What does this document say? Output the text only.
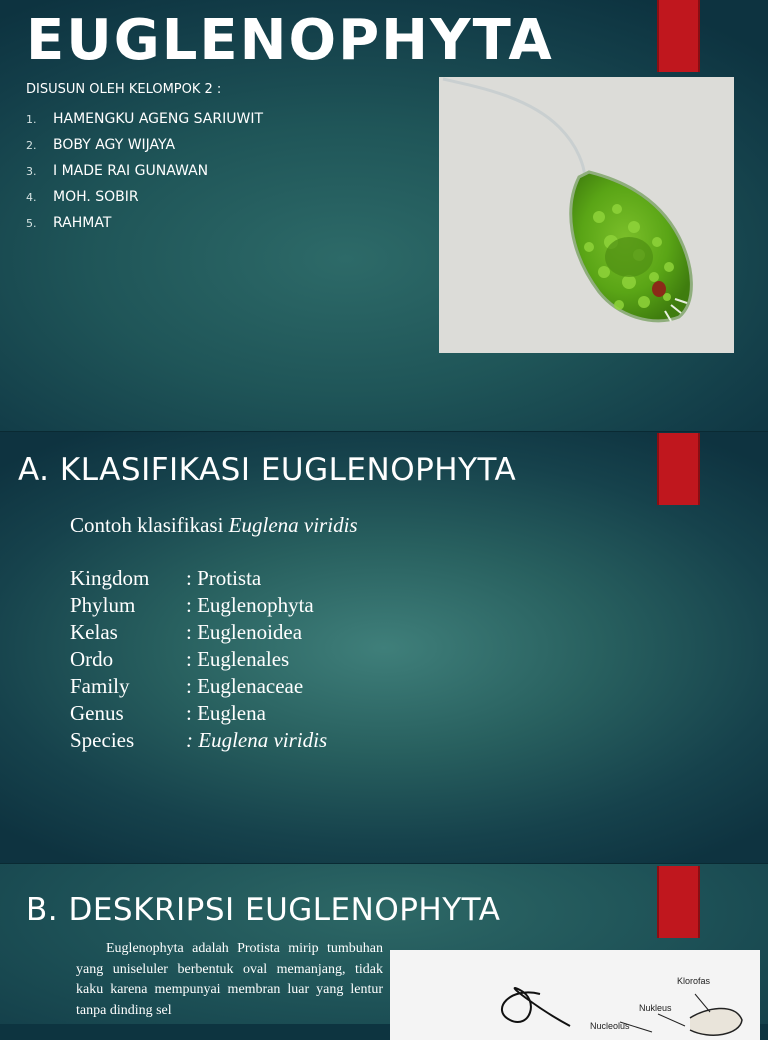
EUGLENOPHYTA
DISUSUN OLEH KELOMPOK 2 :
1.	HAMENGKU AGENG SARIUWIT
2.	BOBY AGY WIJAYA
3.	I MADE RAI GUNAWAN
4.	MOH. SOBIR
5.	RAHMAT
A. KLASIFIKASI EUGLENOPHYTA
Contoh klasifikasi Euglena viridis
Kingdom	: Protista
Phylum	: Euglenophyta
Kelas	: Euglenoidea
Ordo	: Euglenales
Family	: Euglenaceae
Genus	: Euglena
Species	: Euglena viridis
B. DESKRIPSI EUGLENOPHYTA

Euglenophyta adalah Protista mirip tumbuhan yang uniseluler berbentuk oval memanjang, tidak kaku karena mempunyai membran luar yang lentur tanpa dinding sel

Klorofas
Nukleus
Nucleolus
